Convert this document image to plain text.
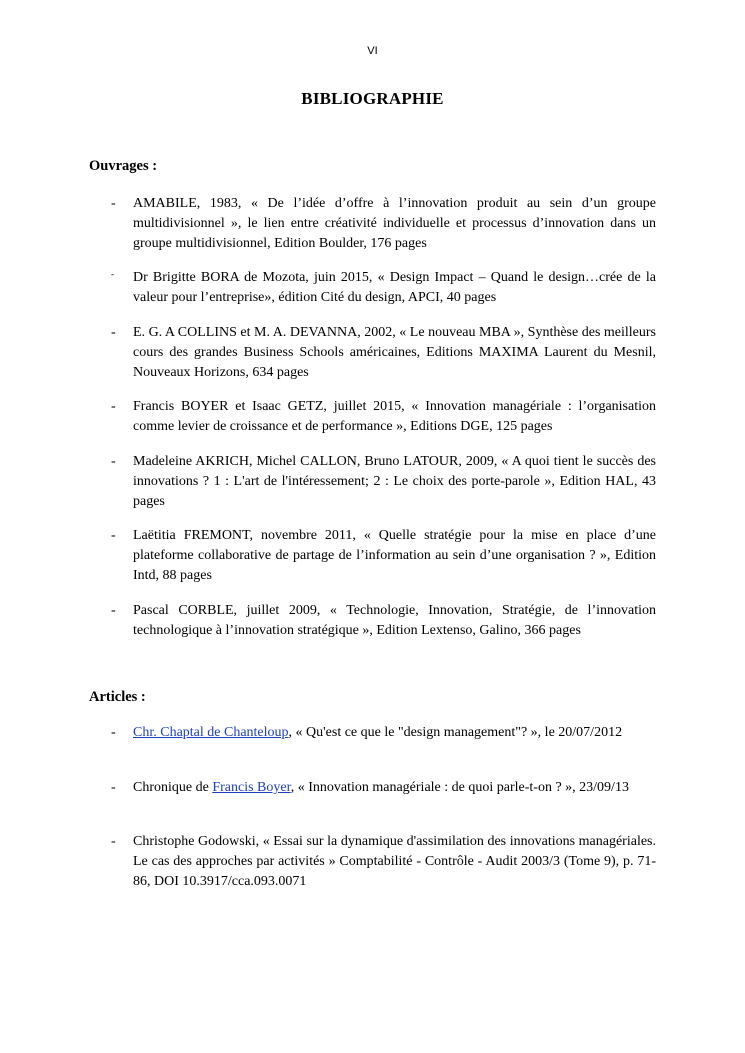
VI
BIBLIOGRAPHIE
Ouvrages :
-	AMABILE, 1983, « De l’idée d’offre à l’innovation produit au sein d’un groupe multidivisionnel », le lien entre créativité individuelle et processus d’innovation dans un groupe multidivisionnel, Edition Boulder, 176 pages
-	Dr Brigitte BORA de Mozota, juin 2015, « Design Impact – Quand le design…crée de la valeur pour l’entreprise», édition Cité du design, APCI, 40 pages
-	E. G. A COLLINS et M. A. DEVANNA, 2002, « Le nouveau MBA », Synthèse des meilleurs cours des grandes Business Schools américaines, Editions MAXIMA Laurent du Mesnil, Nouveaux Horizons, 634 pages
-	Francis BOYER et Isaac GETZ, juillet 2015, « Innovation managériale : l’organisation comme levier de croissance et de performance », Editions DGE, 125 pages
-	Madeleine AKRICH, Michel CALLON, Bruno LATOUR, 2009, « A quoi tient le succès des innovations ? 1 : L'art de l'intéressement; 2 : Le choix des porte-parole », Edition HAL, 43 pages
-	Laëtitia FREMONT, novembre 2011, « Quelle stratégie pour la mise en place d’une plateforme collaborative de partage de l’information au sein d’une organisation ? », Edition Intd, 88 pages
-	Pascal CORBLE, juillet 2009, « Technologie, Innovation, Stratégie, de l’innovation technologique à l’innovation stratégique », Edition Lextenso, Galino, 366 pages
Articles :
-	Chr. Chaptal de Chanteloup, « Qu'est ce que le "design management"? », le 20/07/2012
-	Chronique de Francis Boyer, « Innovation managériale : de quoi parle-t-on ? », 23/09/13
-	Christophe Godowski, « Essai sur la dynamique d'assimilation des innovations managériales. Le cas des approches par activités » Comptabilité - Contrôle - Audit 2003/3 (Tome 9), p. 71-86, DOI 10.3917/cca.093.0071
